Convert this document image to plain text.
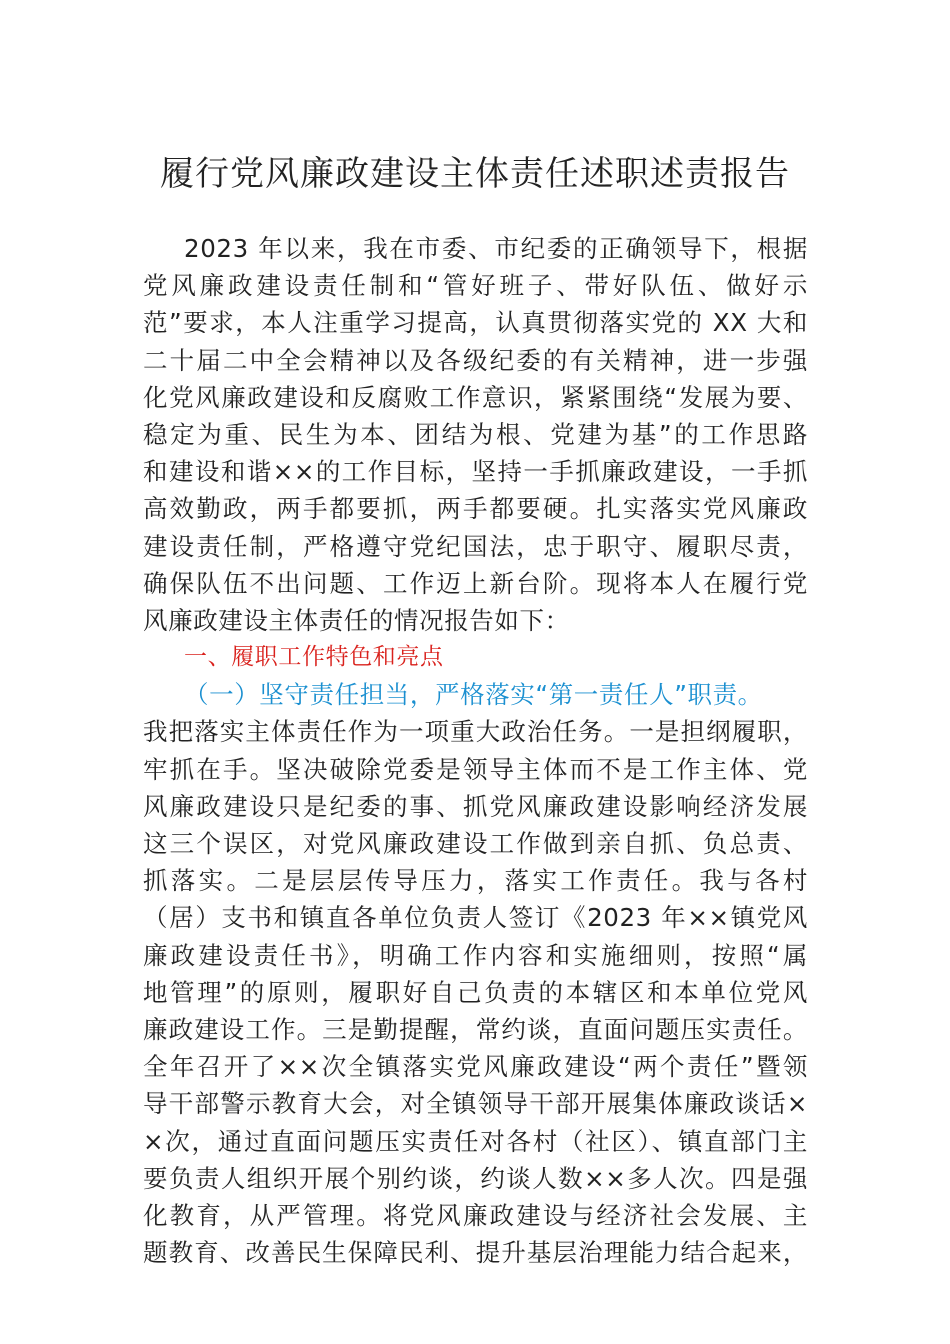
履行党风廉政建设主体责任述职述责报告
2023 年以来，我在市委、市纪委的正确领导下，根据
党风廉政建设责任制和“管好班子、带好队伍、做好示
范”要求，本人注重学习提高，认真贯彻落实党的 XX 大和
二十届二中全会精神以及各级纪委的有关精神，进一步强
化党风廉政建设和反腐败工作意识，紧紧围绕“发展为要、
稳定为重、民生为本、团结为根、党建为基”的工作思路
和建设和谐××的工作目标，坚持一手抓廉政建设，一手抓
高效勤政，两手都要抓，两手都要硬。扎实落实党风廉政
建设责任制，严格遵守党纪国法，忠于职守、履职尽责，
确保队伍不出问题、工作迈上新台阶。现将本人在履行党
风廉政建设主体责任的情况报告如下：
一、履职工作特色和亮点
（一）坚守责任担当，严格落实“第一责任人”职责。
我把落实主体责任作为一项重大政治任务。一是担纲履职，
牢抓在手。坚决破除党委是领导主体而不是工作主体、党
风廉政建设只是纪委的事、抓党风廉政建设影响经济发展
这三个误区，对党风廉政建设工作做到亲自抓、负总责、
抓落实。二是层层传导压力，落实工作责任。我与各村
（居）支书和镇直各单位负责人签订《2023 年××镇党风
廉政建设责任书》，明确工作内容和实施细则，按照“属
地管理”的原则，履职好自己负责的本辖区和本单位党风
廉政建设工作。三是勤提醒，常约谈，直面问题压实责任。
全年召开了××次全镇落实党风廉政建设“两个责任”暨领
导干部警示教育大会，对全镇领导干部开展集体廉政谈话×
×次，通过直面问题压实责任对各村（社区）、镇直部门主
要负责人组织开展个别约谈，约谈人数××多人次。四是强
化教育，从严管理。将党风廉政建设与经济社会发展、主
题教育、改善民生保障民利、提升基层治理能力结合起来，
